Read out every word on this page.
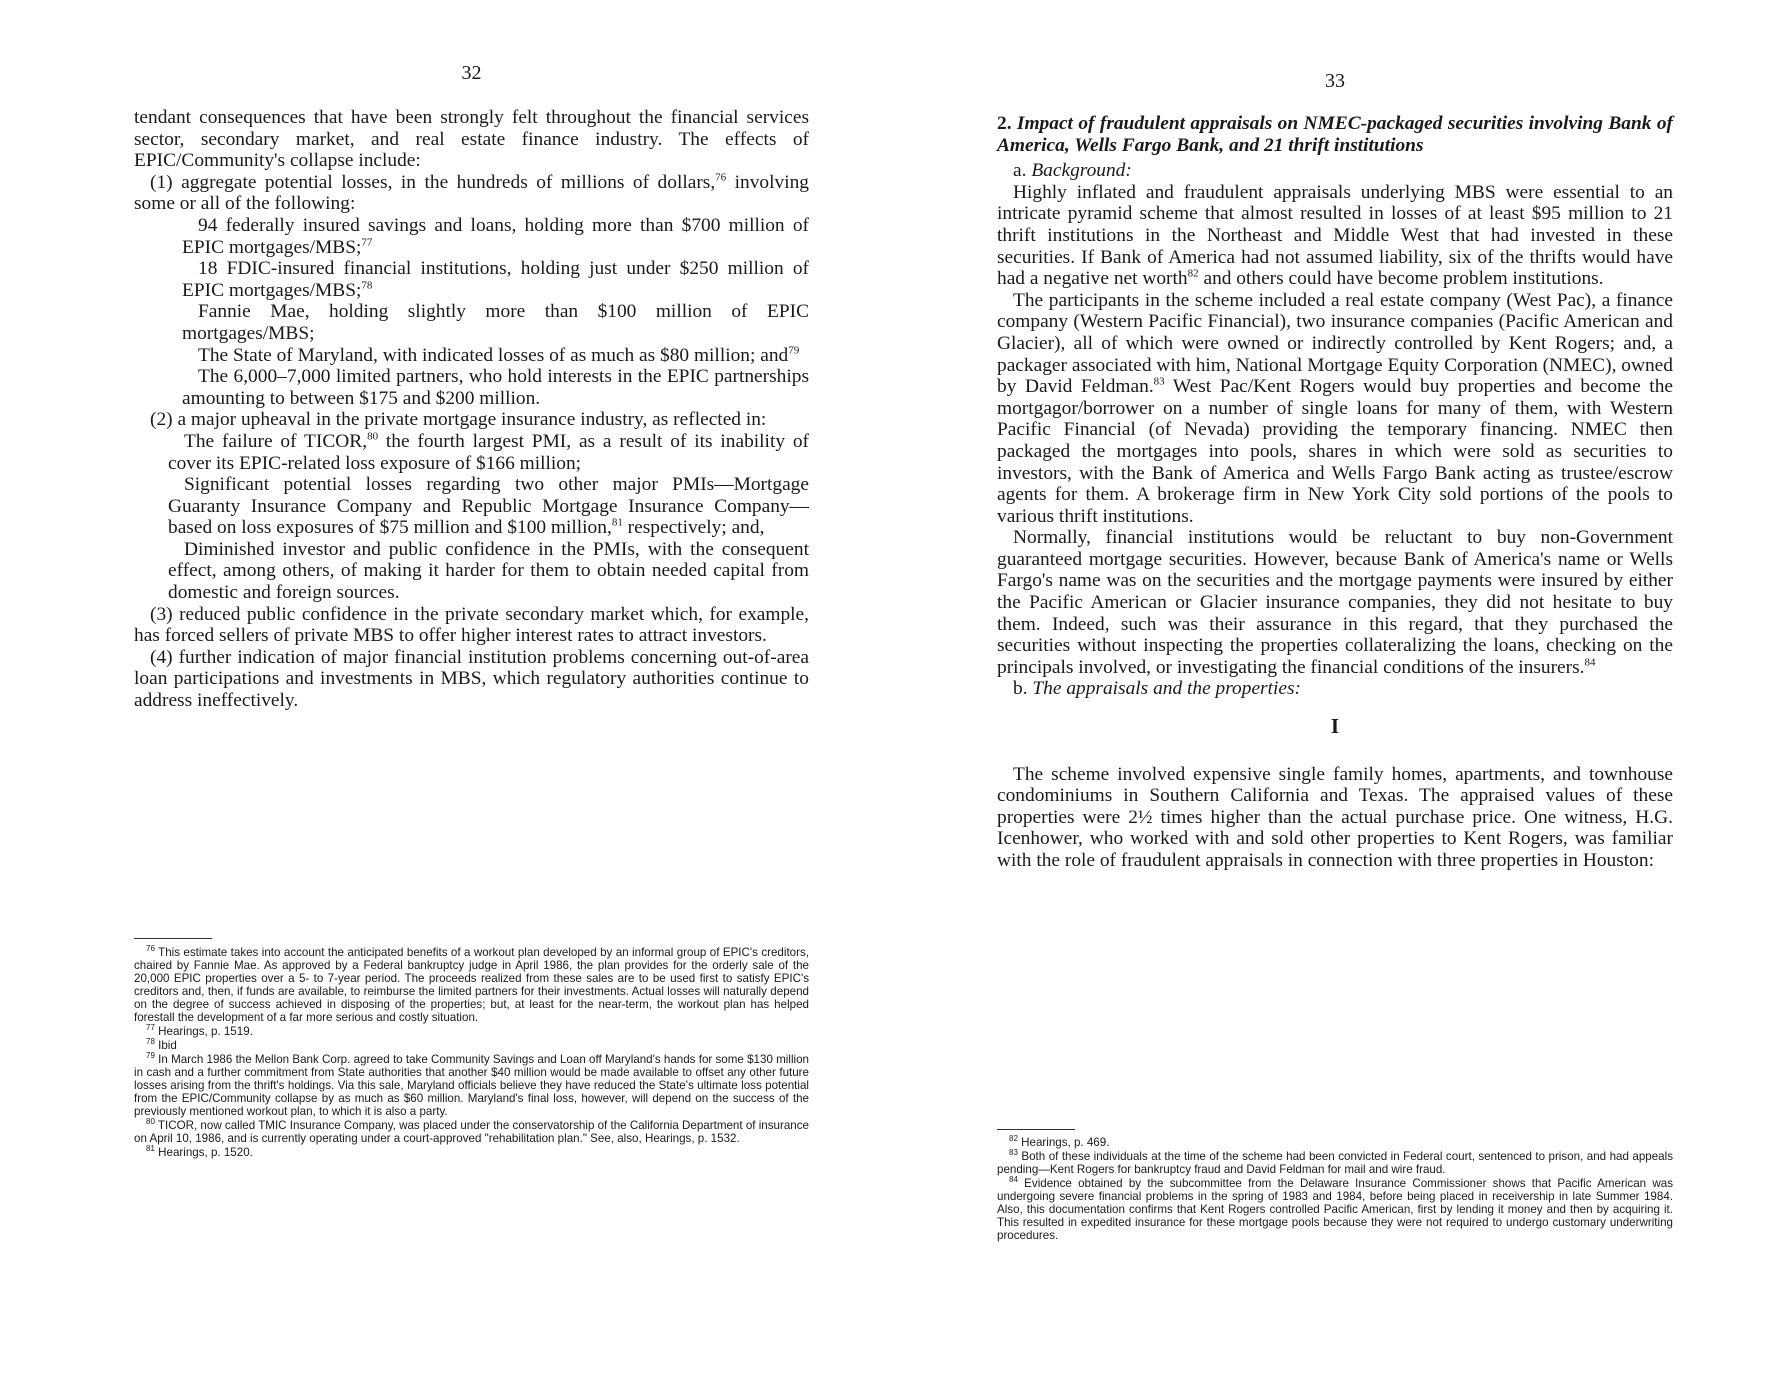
32

tendant consequences that have been strongly felt throughout the financial services sector, secondary market, and real estate finance industry. The effects of EPIC/Community's collapse include:

(1) aggregate potential losses, in the hundreds of millions of dollars,$^{76}$ involving some or all of the following:

94 federally insured savings and loans, holding more than $700 million of EPIC mortgages/MBS;$^{77}$

18 FDIC-insured financial institutions, holding just under $250 million of EPIC mortgages/MBS;$^{78}$

Fannie Mae, holding slightly more than $100 million of EPIC mortgages/MBS;

The State of Maryland, with indicated losses of as much as $80 million; and$^{79}$

The 6,000–7,000 limited partners, who hold interests in the EPIC partnerships amounting to between $175 and $200 million.

(2) a major upheaval in the private mortgage insurance industry, as reflected in:

The failure of TICOR,$^{80}$ the fourth largest PMI, as a result of its inability of cover its EPIC-related loss exposure of $166 million;

Significant potential losses regarding two other major PMIs—Mortgage Guaranty Insurance Company and Republic Mortgage Insurance Company—based on loss exposures of $75 million and $100 million,$^{81}$ respectively; and,

Diminished investor and public confidence in the PMIs, with the consequent effect, among others, of making it harder for them to obtain needed capital from domestic and foreign sources.

(3) reduced public confidence in the private secondary market which, for example, has forced sellers of private MBS to offer higher interest rates to attract investors.

(4) further indication of major financial institution problems concerning out-of-area loan participations and investments in MBS, which regulatory authorities continue to address ineffectively.

$^{76}$ This estimate takes into account the anticipated benefits of a workout plan developed by an informal group of EPIC's creditors, chaired by Fannie Mae. As approved by a Federal bankruptcy judge in April 1986, the plan provides for the orderly sale of the 20,000 EPIC properties over a 5- to 7-year period. The proceeds realized from these sales are to be used first to satisfy EPIC's creditors and, then, if funds are available, to reimburse the limited partners for their investments. Actual losses will naturally depend on the degree of success achieved in disposing of the properties; but, at least for the near-term, the workout plan has helped forestall the development of a far more serious and costly situation.

$^{77}$ Hearings, p. 1519.

$^{78}$ Ibid

$^{79}$ In March 1986 the Mellon Bank Corp. agreed to take Community Savings and Loan off Maryland's hands for some $130 million in cash and a further commitment from State authorities that another $40 million would be made available to offset any other future losses arising from the thrift's holdings. Via this sale, Maryland officials believe they have reduced the State's ultimate loss potential from the EPIC/Community collapse by as much as $60 million. Maryland's final loss, however, will depend on the success of the previously mentioned workout plan, to which it is also a party.

$^{80}$ TICOR, now called TMIC Insurance Company, was placed under the conservatorship of the California Department of insurance on April 10, 1986, and is currently operating under a court-approved "rehabilitation plan." See, also, Hearings, p. 1532.

$^{81}$ Hearings, p. 1520.

33

2. Impact of fraudulent appraisals on NMEC-packaged securities involving Bank of America, Wells Fargo Bank, and 21 thrift institutions

a. Background:

Highly inflated and fraudulent appraisals underlying MBS were essential to an intricate pyramid scheme that almost resulted in losses of at least $95 million to 21 thrift institutions in the Northeast and Middle West that had invested in these securities. If Bank of America had not assumed liability, six of the thrifts would have had a negative net worth$^{82}$ and others could have become problem institutions.

The participants in the scheme included a real estate company (West Pac), a finance company (Western Pacific Financial), two insurance companies (Pacific American and Glacier), all of which were owned or indirectly controlled by Kent Rogers; and, a packager associated with him, National Mortgage Equity Corporation (NMEC), owned by David Feldman.$^{83}$ West Pac/Kent Rogers would buy properties and become the mortgagor/borrower on a number of single loans for many of them, with Western Pacific Financial (of Nevada) providing the temporary financing. NMEC then packaged the mortgages into pools, shares in which were sold as securities to investors, with the Bank of America and Wells Fargo Bank acting as trustee/escrow agents for them. A brokerage firm in New York City sold portions of the pools to various thrift institutions.

Normally, financial institutions would be reluctant to buy non-Government guaranteed mortgage securities. However, because Bank of America's name or Wells Fargo's name was on the securities and the mortgage payments were insured by either the Pacific American or Glacier insurance companies, they did not hesitate to buy them. Indeed, such was their assurance in this regard, that they purchased the securities without inspecting the properties collateralizing the loans, checking on the principals involved, or investigating the financial conditions of the insurers.$^{84}$

b. The appraisals and the properties:

I

The scheme involved expensive single family homes, apartments, and townhouse condominiums in Southern California and Texas. The appraised values of these properties were 2½ times higher than the actual purchase price. One witness, H.G. Icenhower, who worked with and sold other properties to Kent Rogers, was familiar with the role of fraudulent appraisals in connection with three properties in Houston:

$^{82}$ Hearings, p. 469.

$^{83}$ Both of these individuals at the time of the scheme had been convicted in Federal court, sentenced to prison, and had appeals pending—Kent Rogers for bankruptcy fraud and David Feldman for mail and wire fraud.

$^{84}$ Evidence obtained by the subcommittee from the Delaware Insurance Commissioner shows that Pacific American was undergoing severe financial problems in the spring of 1983 and 1984, before being placed in receivership in late Summer 1984. Also, this documentation confirms that Kent Rogers controlled Pacific American, first by lending it money and then by acquiring it. This resulted in expedited insurance for these mortgage pools because they were not required to undergo customary underwriting procedures.
